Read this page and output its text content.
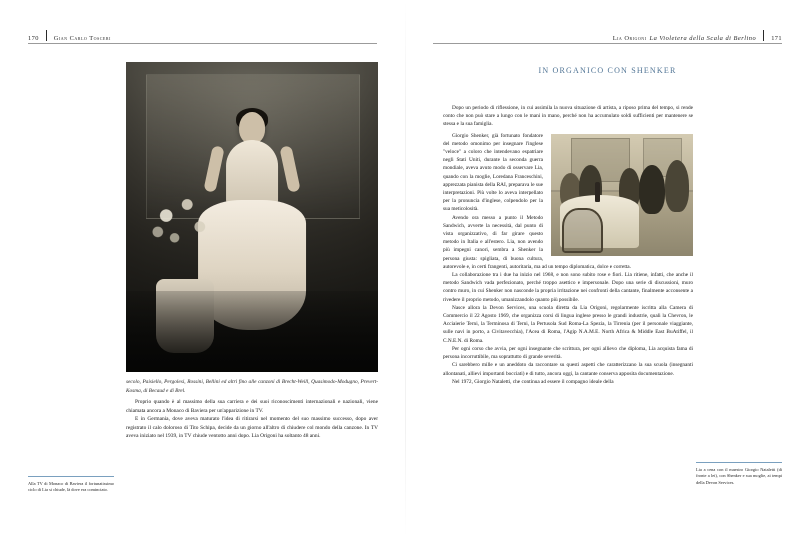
170 Gian Carlo Tosceri
secolo, Paisiello, Pergolesi, Rossini, Bellini ed altri fino alle canzoni di Brecht-Weill, Quasimodo-Modugno, Prevert-Kosma, di Becaud e di Brel.

Proprio quando è al massimo della sua carriera e dei suoi riconoscimenti internazionali e nazionali, viene chiamata ancora a Monaco di Baviera per un'apparizione in TV.

E in Germania, dove aveva maturato l'idea di ritirarsi nel momento del suo massimo successo, dopo aver registrato il calo doloroso di Tito Schipa, decide da un giorno all'altro di chiudere col mondo della canzone. In TV aveva iniziato nel 1939, in TV chiude ventotto anni dopo. Lia Origoni ha soltanto 48 anni.

Alla TV di Monaco di Baviera il fortunatissimo ciclo di Lia si chiude, là dove era cominciato.
Lia Origoni La Violetera della Scala di Berlino 171
IN ORGANICO CON SHENKER

Dopo un periodo di riflessione, in cui assimila la nuova situazione di artista, a riposo prima del tempo, si rende conto che non può stare a lungo con le mani in mano, perché non ha accumulato soldi sufficienti per mantenere se stessa e la sua famiglia.

Giorgio Shenker, già fortunato fondatore del metodo omonimo per insegnare l'inglese "veloce" a coloro che intendevano espatriare negli Stati Uniti, durante la seconda guerra mondiale, aveva avuto modo di osservare Lia, quando con la moglie, Loredana Franceschini, apprezzata pianista della RAI, preparava le sue interpretazioni. Più volte lo aveva interpellato per la pronuncia d'inglese, colpendolo per la sua meticolosità.

Avendo ora messo a punto il Metodo Sandwich, avverte la necessità, dal punto di vista organizzativo, di far girare questo metodo in Italia e all'estero. Lia, non avendo più impegni canori, sembra a Shenker la persona giusta: spigliata, di buona cultura, autorevole e, in certi frangenti, autoritaria, ma ad un tempo diplomatica, dolce e corretta.

La collaborazione tra i due ha inizio nel 1968, e non sono subito rose e fiori. Lia ritiene, infatti, che anche il metodo Sandwich vada perfezionato, perché troppo asettico e impersonale. Dopo una serie di discussioni, muro contro muro, in cui Shenker non nasconde la propria irritazione nei confronti della cantante, finalmente acconsente a rivedere il proprio metodo, umanizzandolo quanto più possibile.

Nasce allora la Devon Services, una scuola diretta da Lia Origoni, regolarmente iscritta alla Camera di Commercio il 22 Agosto 1969, che organizza corsi di lingua inglese presso le grandi industrie, quali la Chevron, le Acciaierie Terni, la Terminosa di Terni, la Pertusola Sud Roma-La Spezia, la Tirrenia (per il personale viaggiante, sulle navi in porto, a Civitavecchia), l'Acea di Roma, l'Agip N.A.M.E. North Africa & Middle East BuAtiffel, il C.N.E.N. di Roma.

Per ogni corso che avvia, per ogni insegnante che scrittura, per ogni allievo che diploma, Lia acquista fama di persona incorruttibile, ma soprattutto di grande severità.

Ci sarebbero mille e un aneddoto da raccontare su questi aspetti che caratterizzano la sua scuola (insegnanti allontanati, allievi importanti bocciati) e di tutto, ancora oggi, la cantante conserva apposita documentazione.

Nel 1972, Giorgio Nataletti, che continua ad essere il compagno ideale della

Lia a cena con il maestro Giorgio Nataletti (di fronte a lei), con Shenker e sua moglie, ai tempi della Devon Services.
